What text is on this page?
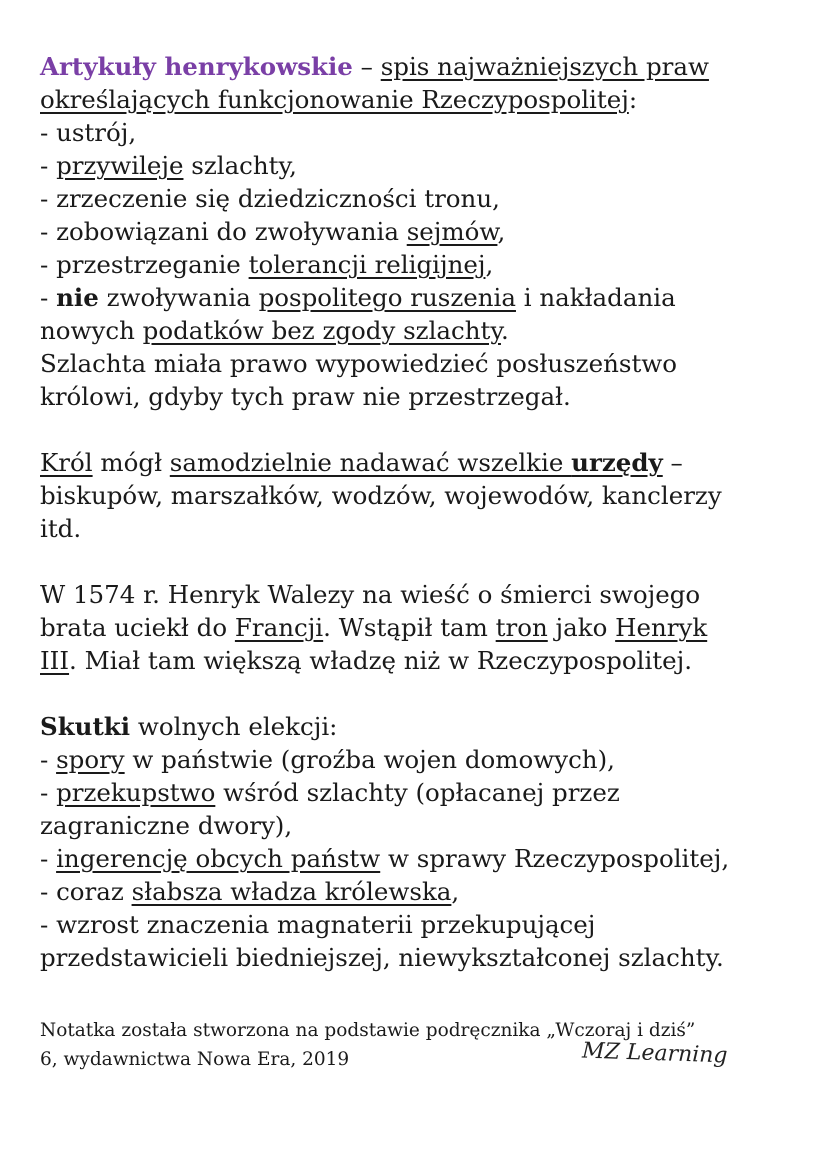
Artykuły henrykowskie – spis najważniejszych praw
określających funkcjonowanie Rzeczypospolitej:
- ustrój,
- przywileje szlachty,
- zrzeczenie się dziedziczności tronu,
- zobowiązani do zwoływania sejmów,
- przestrzeganie tolerancji religijnej,
- nie zwoływania pospolitego ruszenia i nakładania
nowych podatków bez zgody szlachty.
Szlachta miała prawo wypowiedzieć posłuszeństwo
królowi, gdyby tych praw nie przestrzegał.
Król mógł samodzielnie nadawać wszelkie urzędy –
biskupów, marszałków, wodzów, wojewodów, kanclerzy
itd.
W 1574 r. Henryk Walezy na wieść o śmierci swojego
brata uciekł do Francji. Wstąpił tam tron jako Henryk
III. Miał tam większą władzę niż w Rzeczypospolitej.
Skutki wolnych elekcji:
- spory w państwie (groźba wojen domowych),
- przekupstwo wśród szlachty (opłacanej przez
zagraniczne dwory),
- ingerencję obcych państw w sprawy Rzeczypospolitej,
- coraz słabsza władza królewska,
- wzrost znaczenia magnaterii przekupującej
przedstawicieli biedniejszej, niewykształconej szlachty.
Notatka została stworzona na podstawie podręcznika „Wczoraj i dziś”
6, wydawnictwa Nowa Era, 2019	MZ Learning
